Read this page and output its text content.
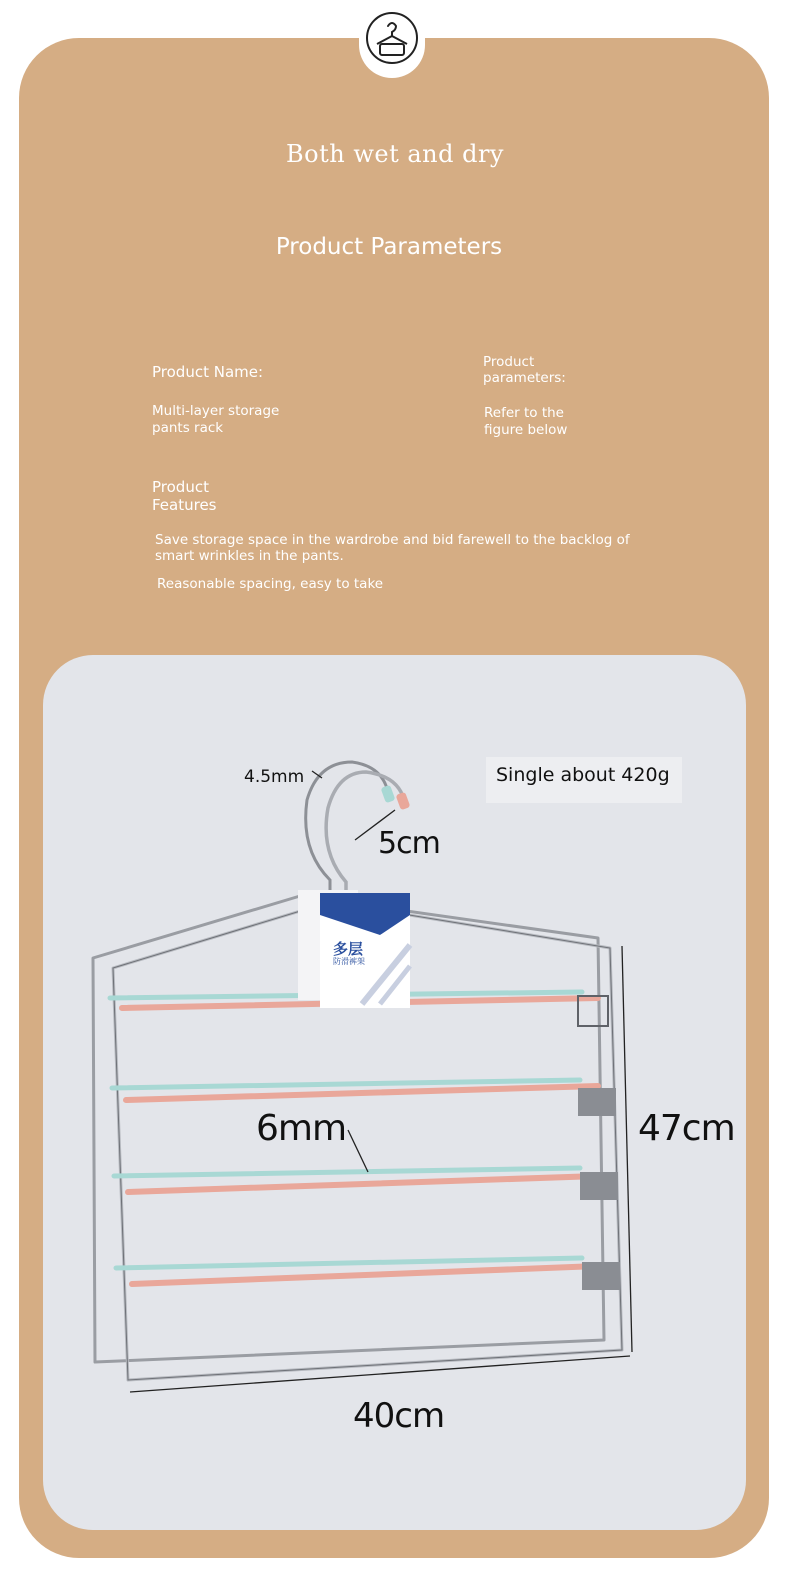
Both wet and dry
Product Parameters
Product Name:
Multi-layer storage
pants rack
Product
parameters:
Refer to the
figure below
Product
Features
Save storage space in the wardrobe and bid farewell to the backlog of
smart wrinkles in the pants.
Reasonable spacing, easy to take
多层
防滑裤架
Single about 420g
4.5mm
5cm
6mm	47cm
40cm
